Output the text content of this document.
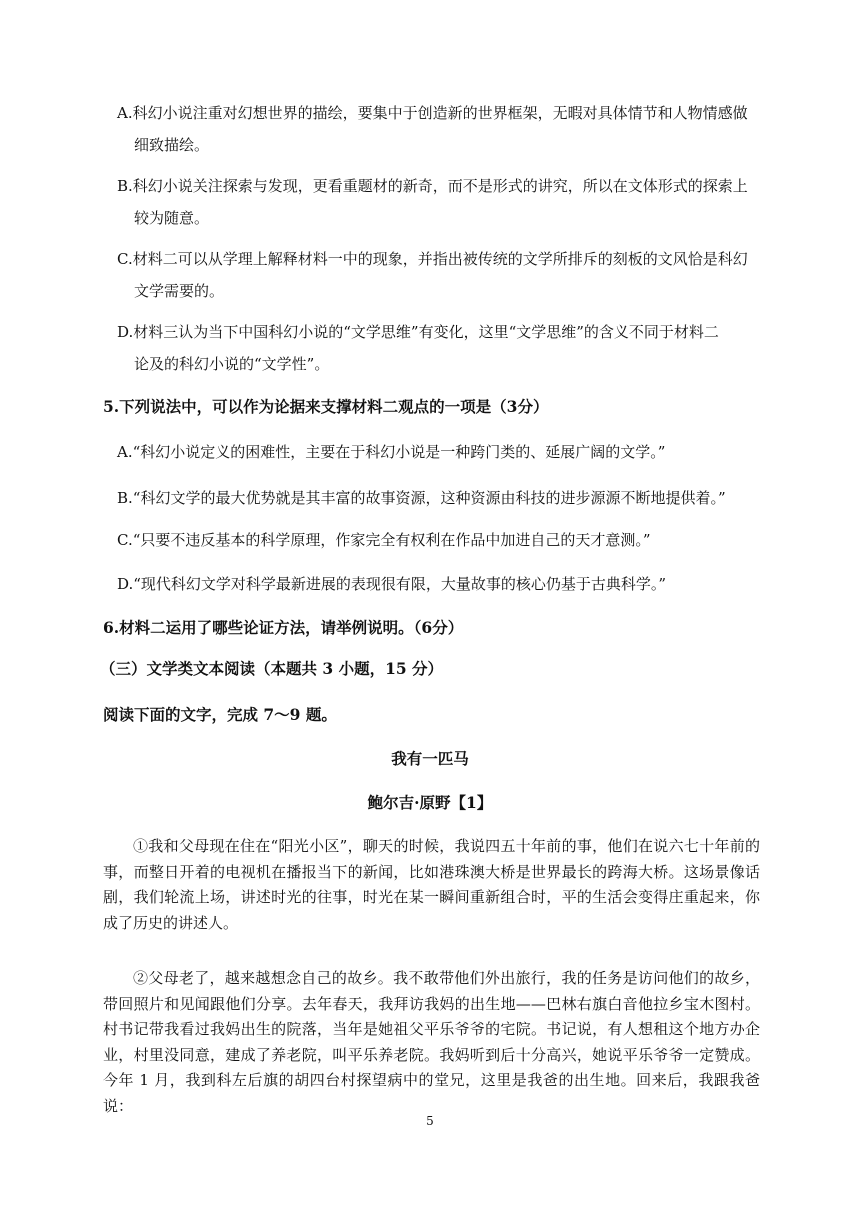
A.科幻小说注重对幻想世界的描绘，要集中于创造新的世界框架，无暇对具体情节和人物情感做
细致描绘。
B.科幻小说关注探索与发现，更看重题材的新奇，而不是形式的讲究，所以在文体形式的探索上
较为随意。
C.材料二可以从学理上解释材料一中的现象，并指出被传统的文学所排斥的刻板的文风恰是科幻
文学需要的。
D.材料三认为当下中国科幻小说的“文学思维”有变化，这里“文学思维”的含义不同于材料二
论及的科幻小说的“文学性”。
5.下列说法中，可以作为论据来支撑材料二观点的一项是（3分）
A.“科幻小说定义的困难性，主要在于科幻小说是一种跨门类的、延展广阔的文学。”
B.“科幻文学的最大优势就是其丰富的故事资源，这种资源由科技的进步源源不断地提供着。”
C.“只要不违反基本的科学原理，作家完全有权利在作品中加进自己的天才意测。”
D.“现代科幻文学对科学最新进展的表现很有限，大量故事的核心仍基于古典科学。”
6.材料二运用了哪些论证方法，请举例说明。（6分）
（三）文学类文本阅读（本题共 3 小题，15 分）
阅读下面的文字，完成 7～9 题。
我有一匹马
鲍尔吉·原野【1】
①我和父母现在住在“阳光小区”，聊天的时候，我说四五十年前的事，他们在说六七十年前的事，而整日开着的电视机在播报当下的新闻，比如港珠澳大桥是世界最长的跨海大桥。这场景像话剧，我们轮流上场，讲述时光的往事，时光在某一瞬间重新组合时，平的生活会变得庄重起来，你成了历史的讲述人。
②父母老了，越来越想念自己的故乡。我不敢带他们外出旅行，我的任务是访问他们的故乡，带回照片和见闻跟他们分享。去年春天，我拜访我妈的出生地——巴林右旗白音他拉乡宝木图村。村书记带我看过我妈出生的院落，当年是她祖父平乐爷爷的宅院。书记说，有人想租这个地方办企业，村里没同意，建成了养老院，叫平乐养老院。我妈听到后十分高兴，她说平乐爷爷一定赞成。今年 1 月，我到科左后旗的胡四台村探望病中的堂兄，这里是我爸的出生地。回来后，我跟我爸说：
5
